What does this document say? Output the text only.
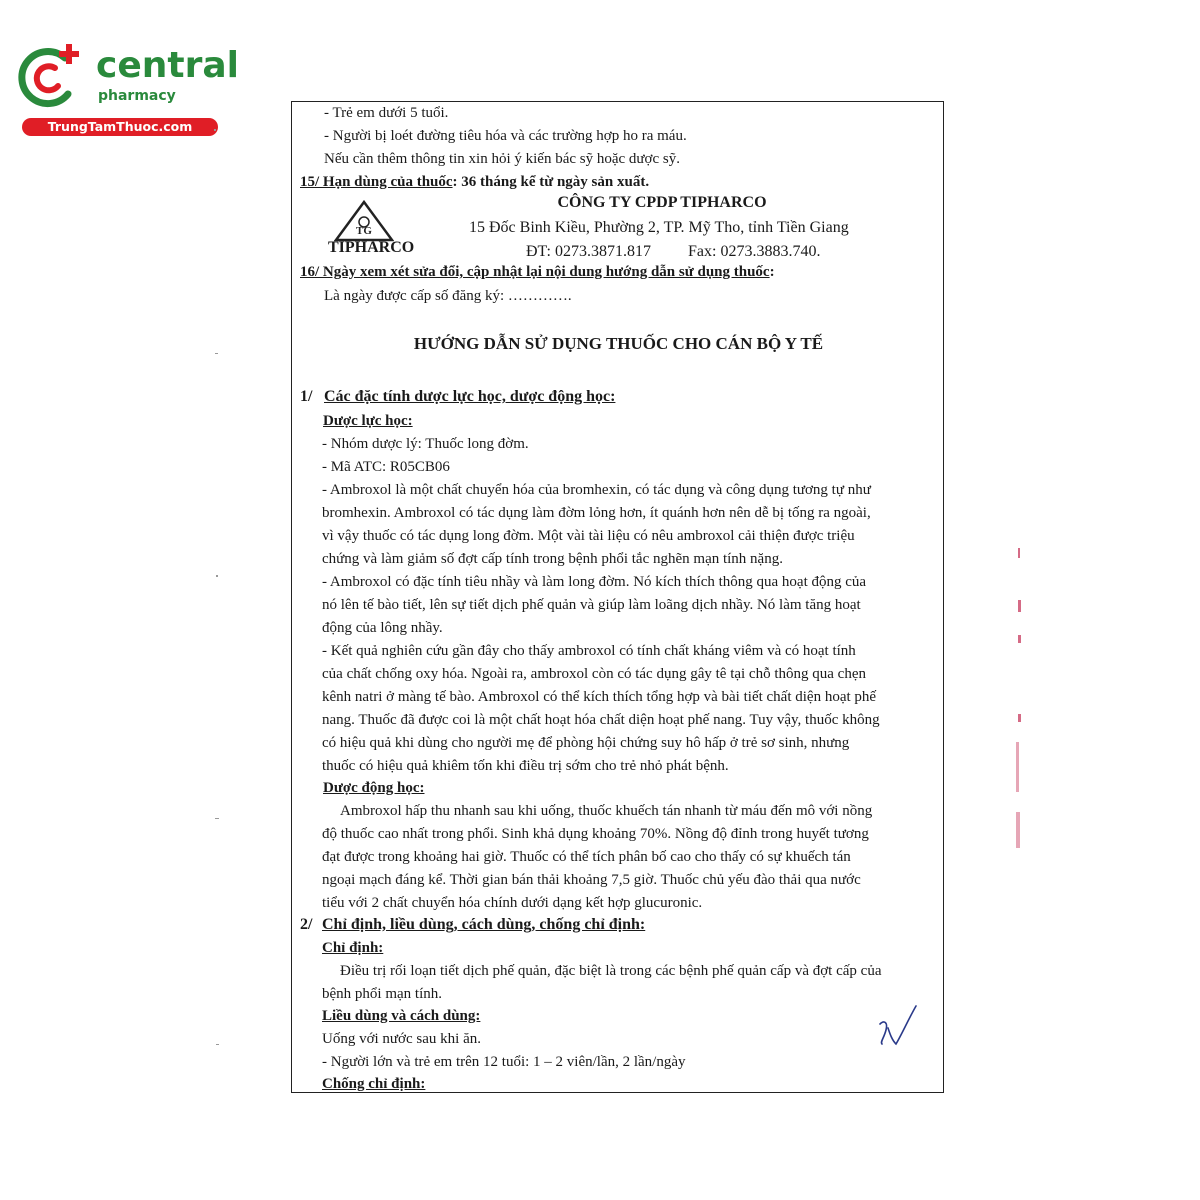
central
pharmacy
TrungTamThuoc.com
- Trẻ em dưới 5 tuổi.
- Người bị loét đường tiêu hóa và các trường hợp ho ra máu.
Nếu cần thêm thông tin xin hỏi ý kiến bác sỹ hoặc dược sỹ.
15/ Hạn dùng của thuốc: 36 tháng kể từ ngày sản xuất.
TG
TIPHARCO
CÔNG TY CPDP TIPHARCO
15 Đốc Binh Kiều, Phường 2, TP. Mỹ Tho, tỉnh Tiền Giang
ĐT: 0273.3871.817 Fax: 0273.3883.740.
16/ Ngày xem xét sửa đổi, cập nhật lại nội dung hướng dẫn sử dụng thuốc:
Là ngày được cấp số đăng ký: ………….
HƯỚNG DẪN SỬ DỤNG THUỐC CHO CÁN BỘ Y TẾ
1/ Các đặc tính dược lực học, dược động học:
Dược lực học:
- Nhóm dược lý: Thuốc long đờm.
- Mã ATC: R05CB06
- Ambroxol là một chất chuyển hóa của bromhexin, có tác dụng và công dụng tương tự như
bromhexin. Ambroxol có tác dụng làm đờm lỏng hơn, ít quánh hơn nên dễ bị tống ra ngoài,
vì vậy thuốc có tác dụng long đờm. Một vài tài liệu có nêu ambroxol cải thiện được triệu
chứng và làm giảm số đợt cấp tính trong bệnh phổi tắc nghẽn mạn tính nặng.
- Ambroxol có đặc tính tiêu nhầy và làm long đờm. Nó kích thích thông qua hoạt động của
nó lên tế bào tiết, lên sự tiết dịch phế quản và giúp làm loãng dịch nhầy. Nó làm tăng hoạt
động của lông nhầy.
- Kết quả nghiên cứu gần đây cho thấy ambroxol có tính chất kháng viêm và có hoạt tính
của chất chống oxy hóa. Ngoài ra, ambroxol còn có tác dụng gây tê tại chỗ thông qua chẹn
kênh natri ở màng tế bào. Ambroxol có thể kích thích tổng hợp và bài tiết chất diện hoạt phế
nang. Thuốc đã được coi là một chất hoạt hóa chất diện hoạt phế nang. Tuy vậy, thuốc không
có hiệu quả khi dùng cho người mẹ để phòng hội chứng suy hô hấp ở trẻ sơ sinh, nhưng
thuốc có hiệu quả khiêm tốn khi điều trị sớm cho trẻ nhỏ phát bệnh.
Dược động học:
Ambroxol hấp thu nhanh sau khi uống, thuốc khuếch tán nhanh từ máu đến mô với nồng
độ thuốc cao nhất trong phổi. Sinh khả dụng khoảng 70%. Nồng độ đỉnh trong huyết tương
đạt được trong khoảng hai giờ. Thuốc có thể tích phân bố cao cho thấy có sự khuếch tán
ngoại mạch đáng kể. Thời gian bán thải khoảng 7,5 giờ. Thuốc chủ yếu đào thải qua nước
tiểu với 2 chất chuyển hóa chính dưới dạng kết hợp glucuronic.
2/ Chỉ định, liều dùng, cách dùng, chống chỉ định:
Chỉ định:
Điều trị rối loạn tiết dịch phế quản, đặc biệt là trong các bệnh phế quản cấp và đợt cấp của
bệnh phổi mạn tính.
Liều dùng và cách dùng:
Uống với nước sau khi ăn.
- Người lớn và trẻ em trên 12 tuổi: 1 – 2 viên/lần, 2 lần/ngày
Chống chỉ định:
